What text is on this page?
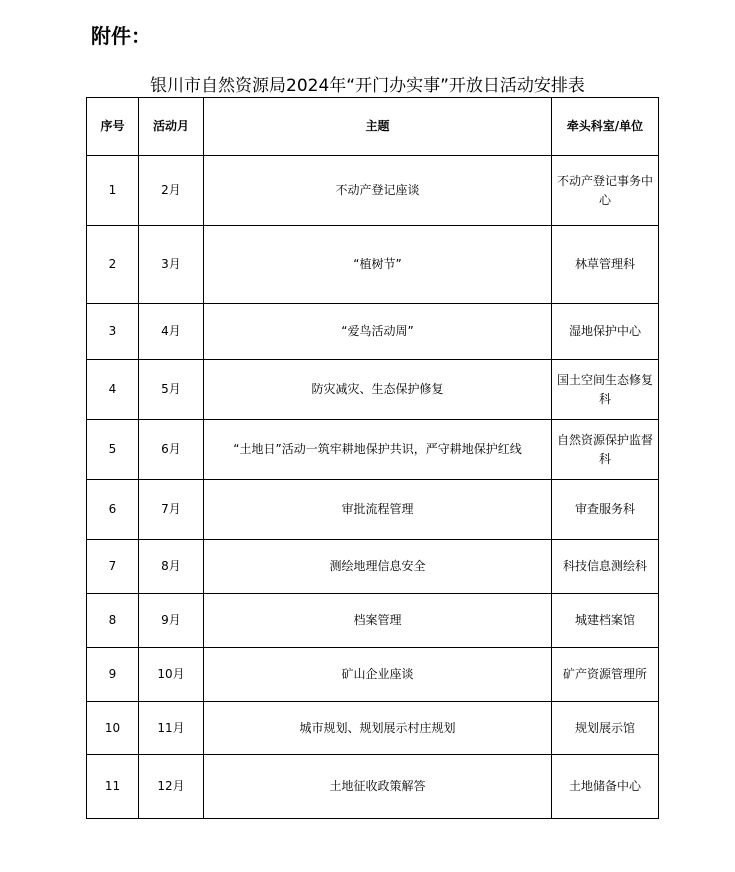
附件：
银川市自然资源局2024年“开门办实事”开放日活动安排表
序号	活动月	主题	牵头科室/单位
1	2月	不动产登记座谈	不动产登记事务中心
2	3月	“植树节”	林草管理科
3	4月	“爱鸟活动周”	湿地保护中心
4	5月	防灾减灾、生态保护修复	国土空间生态修复科
5	6月	“土地日”活动一筑牢耕地保护共识，严守耕地保护红线	自然资源保护监督科
6	7月	审批流程管理	审查服务科
7	8月	测绘地理信息安全	科技信息测绘科
8	9月	档案管理	城建档案馆
9	10月	矿山企业座谈	矿产资源管理所
10	11月	城市规划、规划展示村庄规划	规划展示馆
11	12月	土地征收政策解答	土地储备中心
